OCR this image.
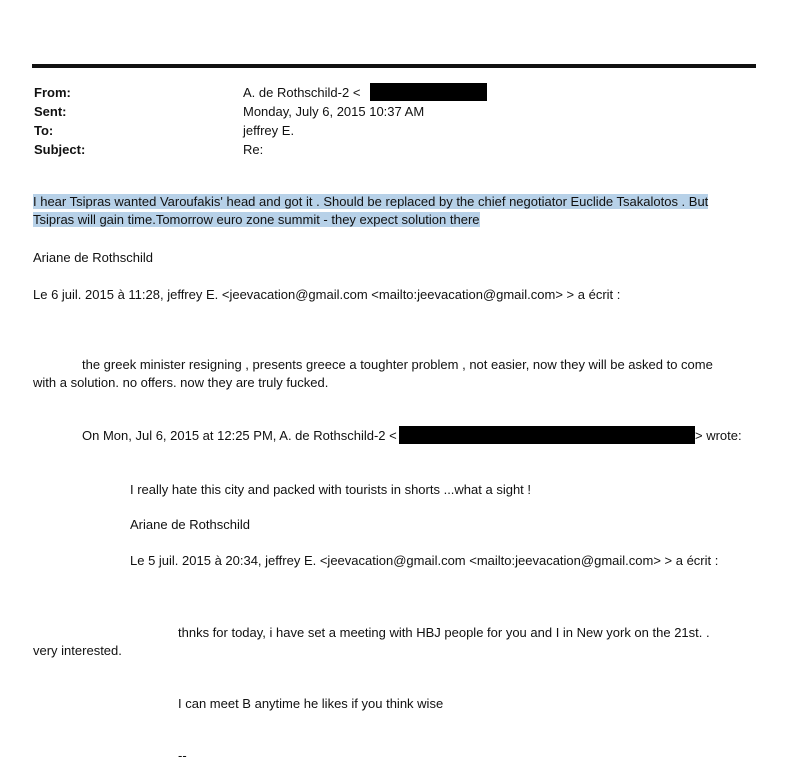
From:	A. de Rothschild-2 <
Sent:	Monday, July 6, 2015 10:37 AM
To:	jeffrey E.
Subject:	Re:
I hear Tsipras wanted Varoufakis' head and got it . Should be replaced by the chief negotiator Euclide Tsakalotos . But
Tsipras will gain time.Tomorrow euro zone summit - they expect solution there
Ariane de Rothschild
Le 6 juil. 2015 à 11:28, jeffrey E. <jeevacation@gmail.com <mailto:jeevacation@gmail.com> > a écrit :
the greek minister resigning , presents greece a toughter problem , not easier, now they will be asked to come
with a solution. no offers. now they are truly fucked.
On Mon, Jul 6, 2015 at 12:25 PM, A. de Rothschild-2 <	> wrote:
I really hate this city and packed with tourists in shorts ...what a sight !
Ariane de Rothschild
Le 5 juil. 2015 à 20:34, jeffrey E. <jeevacation@gmail.com <mailto:jeevacation@gmail.com> > a écrit :
thnks for today, i have set a meeting with HBJ people for you and I in New york on the 21st. .
very interested.
I can meet B anytime he likes if you think wise
--
